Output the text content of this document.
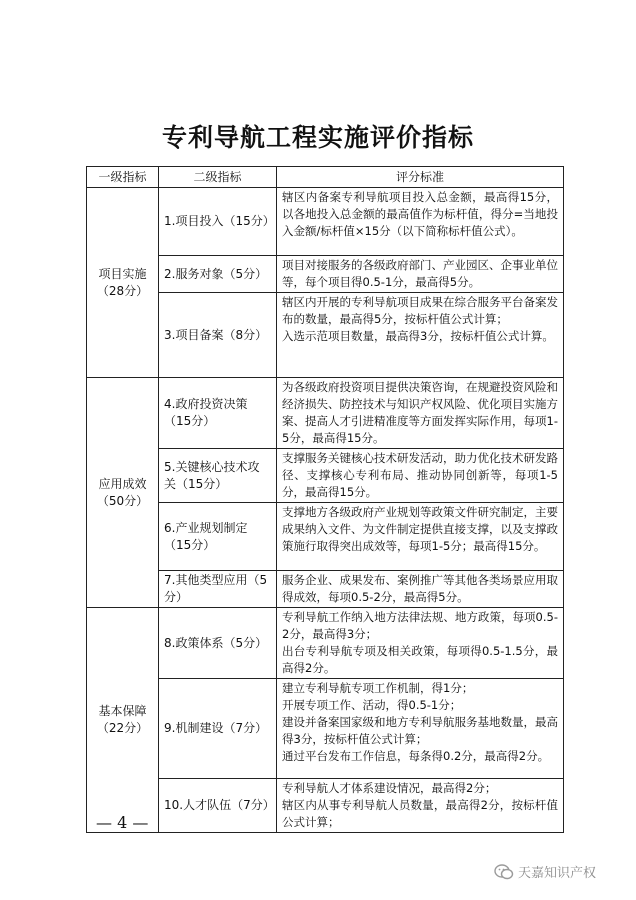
专利导航工程实施评价指标
一级指标	二级指标	评分标准
项目实施（28分）	1.项目投入（15分）	辖区内备案专利导航项目投入总金额，最高得15分，以各地投入总金额的最高值作为标杆值，得分=当地投入金额/标杆值×15分（以下简称标杆值公式）。

	2.服务对象（5分）	项目对接服务的各级政府部门、产业园区、企事业单位等，每个项目得0.5-1分，最高得5分。

	3.项目备案（8分）	辖区内开展的专利导航项目成果在综合服务平台备案发布的数量，最高得5分，按标杆值公式计算；
入选示范项目数量，最高得3分，按标杆值公式计算。

应用成效（50分）	4.政府投资决策（15分）	为各级政府投资项目提供决策咨询，在规避投资风险和经济损失、防控技术与知识产权风险、优化项目实施方案、提高人才引进精准度等方面发挥实际作用，每项1-5分，最高得15分。

	5.关键核心技术攻关（15分）	支撑服务关键核心技术研发活动，助力优化技术研发路径、支撑核心专利布局、推动协同创新等，每项1-5分，最高得15分。

	6.产业规划制定（15分）	支撑地方各级政府产业规划等政策文件研究制定，主要成果纳入文件、为文件制定提供直接支撑，以及支撑政策施行取得突出成效等，每项1-5分；最高得15分。

	7.其他类型应用（5分）	服务企业、成果发布、案例推广等其他各类场景应用取得成效，每项0.5-2分，最高得5分。

基本保障（22分）	8.政策体系（5分）	专利导航工作纳入地方法律法规、地方政策，每项0.5-2分，最高得3分；
出台专利导航专项及相关政策，每项得0.5-1.5分，最高得2分。

	9.机制建设（7分）	建立专利导航专项工作机制，得1分；
开展专项工作、活动，得0.5-1分；
建设并备案国家级和地方专利导航服务基地数量，最高得3分，按标杆值公式计算；
通过平台发布工作信息，每条得0.2分，最高得2分。

	10.人才队伍（7分）	专利导航人才体系建设情况，最高得2分；
辖区内从事专利导航人员数量，最高得2分，按标杆值公式计算；
— 4 —
天嘉知识产权
